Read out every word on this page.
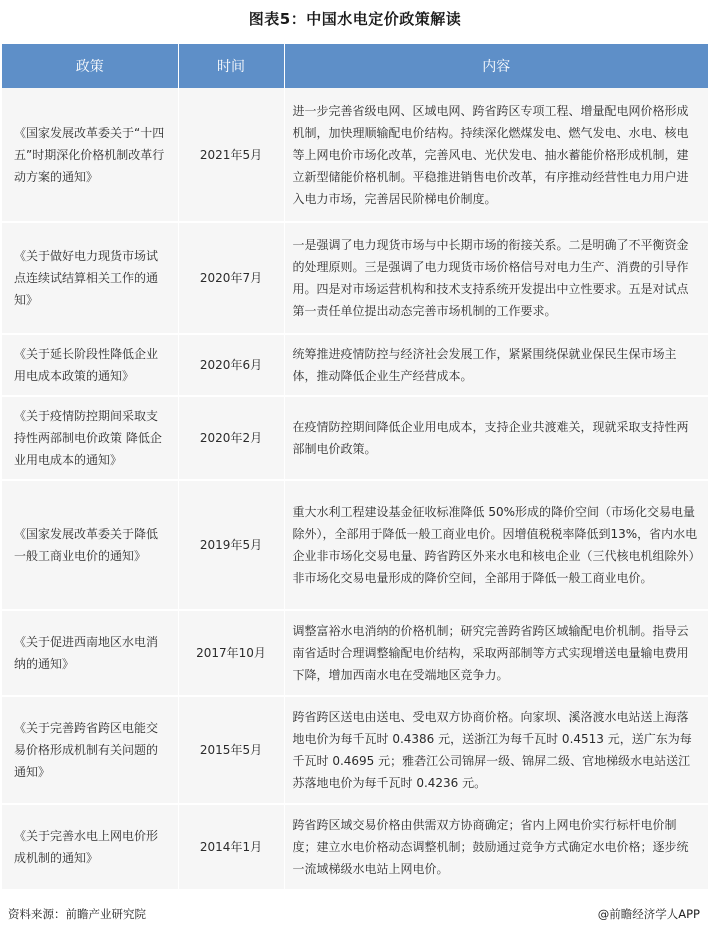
图表5：中国水电定价政策解读
政策	时间	内容
《国家发展改革委关于“十四五”时期深化价格机制改革行动方案的通知》	2021年5月	进一步完善省级电网、区域电网、跨省跨区专项工程、增量配电网价格形成机制，加快理顺输配电价结构。持续深化燃煤发电、燃气发电、水电、核电等上网电价市场化改革，完善风电、光伏发电、抽水蓄能价格形成机制，建立新型储能价格机制。平稳推进销售电价改革，有序推动经营性电力用户进入电力市场，完善居民阶梯电价制度。
《关于做好电力现货市场试点连续试结算相关工作的通知》	2020年7月	一是强调了电力现货市场与中长期市场的衔接关系。二是明确了不平衡资金的处理原则。三是强调了电力现货市场价格信号对电力生产、消费的引导作用。四是对市场运营机构和技术支持系统开发提出中立性要求。五是对试点第一责任单位提出动态完善市场机制的工作要求。
《关于延长阶段性降低企业用电成本政策的通知》	2020年6月	统筹推进疫情防控与经济社会发展工作，紧紧围绕保就业保民生保市场主体，推动降低企业生产经营成本。
《关于疫情防控期间采取支持性两部制电价政策 降低企业用电成本的通知》	2020年2月	在疫情防控期间降低企业用电成本，支持企业共渡难关，现就采取支持性两部制电价政策。
《国家发展改革委关于降低一般工商业电价的通知》	2019年5月	重大水利工程建设基金征收标准降低 50%形成的降价空间（市场化交易电量除外），全部用于降低一般工商业电价。因增值税税率降低到13%，省内水电企业非市场化交易电量、跨省跨区外来水电和核电企业（三代核电机组除外）非市场化交易电量形成的降价空间，全部用于降低一般工商业电价。
《关于促进西南地区水电消纳的通知》	2017年10月	调整富裕水电消纳的价格机制；研究完善跨省跨区域输配电价机制。指导云南省适时合理调整输配电价结构，采取两部制等方式实现增送电量输电费用下降，增加西南水电在受端地区竞争力。
《关于完善跨省跨区电能交易价格形成机制有关问题的通知》	2015年5月	跨省跨区送电由送电、受电双方协商价格。向家坝、溪洛渡水电站送上海落地电价为每千瓦时 0.4386 元，送浙江为每千瓦时 0.4513 元，送广东为每千瓦时 0.4695 元；雅砻江公司锦屏一级、锦屏二级、官地梯级水电站送江苏落地电价为每千瓦时 0.4236 元。
《关于完善水电上网电价形成机制的通知》	2014年1月	跨省跨区域交易价格由供需双方协商确定；省内上网电价实行标杆电价制度；建立水电价格动态调整机制；鼓励通过竞争方式确定水电价格；逐步统一流域梯级水电站上网电价。
资料来源：前瞻产业研究院	@前瞻经济学人APP
